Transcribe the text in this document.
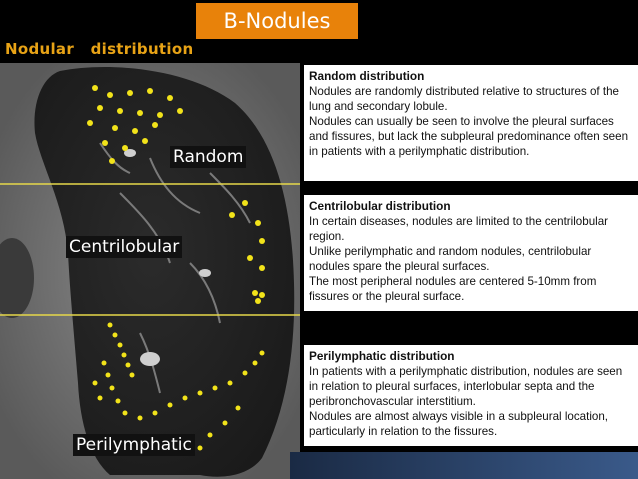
B-Nodules
Nodular   distribution
Random
Centrilobular
Perilymphatic
Random distribution

Nodules are randomly distributed relative to structures of the lung and secondary lobule.

Nodules can usually be seen to involve the pleural surfaces and fissures, but lack the subpleural predominance often seen in patients with a perilymphatic distribution.

Centrilobular distribution

In certain diseases, nodules are limited to the centrilobular region.

Unlike perilymphatic and random nodules, centrilobular nodules spare the pleural surfaces.

The most peripheral nodules are centered 5-10mm from fissures or the pleural surface.

Perilymphatic distribution

In patients with a perilymphatic distribution, nodules are seen in relation to pleural surfaces, interlobular septa and the peribronchovascular interstitium.

Nodules are almost always visible in a subpleural location, particularly in relation to the fissures.
